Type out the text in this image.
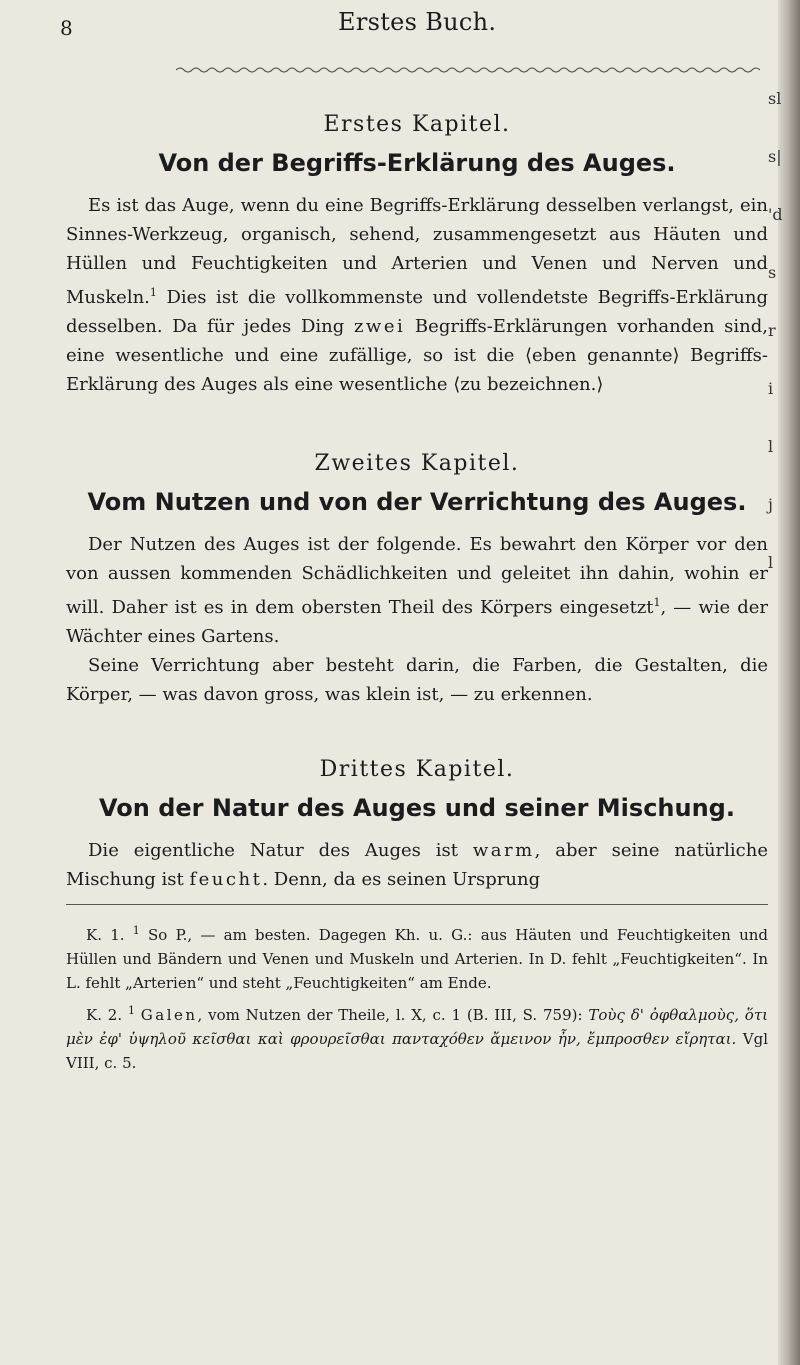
8	Erstes Buch.

Erstes Kapitel.

Von der Begriffs-Erklärung des Auges.

Es ist das Auge, wenn du eine Begriffs-Erklärung desselben verlangst, ein Sinnes-Werkzeug, organisch, sehend, zusammengesetzt aus Häuten und Hüllen und Feuchtigkeiten und Arterien und Venen und Nerven und Muskeln.$^1$ Dies ist die vollkommenste und vollendetste Begriffs-Erklärung desselben. Da für jedes Ding zwei Begriffs-Erklärungen vorhanden sind, eine wesentliche und eine zufällige, so ist die ⟨eben genannte⟩ Begriffs-Erklärung des Auges als eine wesentliche ⟨zu bezeichnen.⟩

Zweites Kapitel.

Vom Nutzen und von der Verrichtung des Auges.

Der Nutzen des Auges ist der folgende. Es bewahrt den Körper vor den von aussen kommenden Schädlichkeiten und geleitet ihn dahin, wohin er will. Daher ist es in dem obersten Theil des Körpers eingesetzt$^1$, — wie der Wächter eines Gartens.

Seine Verrichtung aber besteht darin, die Farben, die Gestalten, die Körper, — was davon gross, was klein ist, — zu erkennen.

Drittes Kapitel.

Von der Natur des Auges und seiner Mischung.

Die eigentliche Natur des Auges ist warm, aber seine natürliche Mischung ist feucht. Denn, da es seinen Ursprung

K. 1. $^1$ So P., — am besten. Dagegen Kh. u. G.: aus Häuten und Feuchtigkeiten und Hüllen und Bändern und Venen und Muskeln und Arterien. In D. fehlt „Feuchtigkeiten“. In L. fehlt „Arterien“ und steht „Feuchtigkeiten“ am Ende.

K. 2. $^1$ Galen, vom Nutzen der Theile, l. X, c. 1 (B. III, S. 759): Τοὺς δ' ὀφθαλμοὺς, ὅτι μὲν ἐφ' ὑψηλοῦ κεῖσθαι καὶ φρουρεῖσθαι πανταχόθεν ἄμεινον ἦν, ἔμπροσθεν εἴρηται. Vgl VIII, c. 5.

sl
s|
'd
s
r
i
l
j
l
